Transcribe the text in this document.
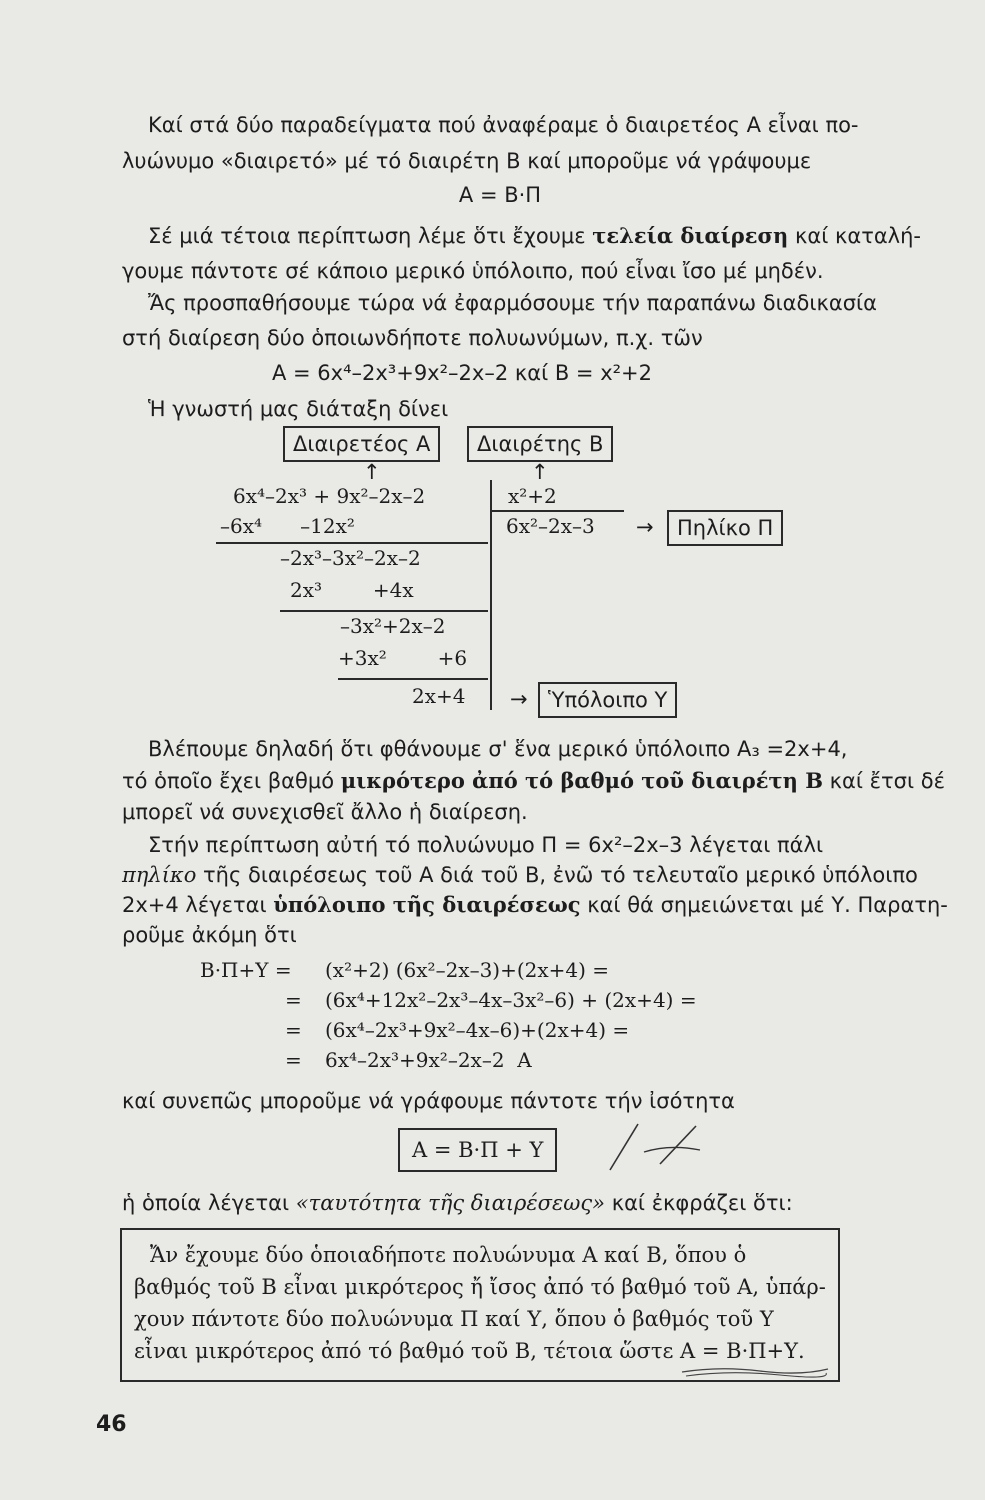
Καί στά δύο παραδείγματα πού ἀναφέραμε ὁ διαιρετέος Α εἶναι πο-
λυώνυμο «διαιρετό» μέ τό διαιρέτη Β καί μποροῦμε νά γράψουμε
A = B·Π
Σέ μιά τέτοια περίπτωση λέμε ὅτι ἔχουμε τελεία διαίρεση καί καταλή-
γουμε πάντοτε σέ κάποιο μερικό ὑπόλοιπο, πού εἶναι ἴσο μέ μηδέν.
Ἄς προσπαθήσουμε τώρα νά ἐφαρμόσουμε τήν παραπάνω διαδικασία
στή διαίρεση δύο ὁποιωνδήποτε πολυωνύμων, π.χ. τῶν
A = 6x⁴–2x³+9x²–2x–2 καί B = x²+2
Ἡ γνωστή μας διάταξη δίνει
Διαιρετέος Α	Διαιρέτης Β
↑	↑
6x⁴–2x³ + 9x²–2x–2	x²+2
–6x⁴      –12x²	6x²–2x–3 →	Πηλίκο Π
–2x³–3x²–2x–2
2x³        +4x
–3x²+2x–2
+3x²        +6
2x+4 → Ὑπόλοιπο Υ
Βλέπουμε δηλαδή ὅτι φθάνουμε σ' ἕνα μερικό ὑπόλοιπο A₃ =2x+4,
τό ὁποῖο ἔχει βαθμό μικρότερο ἀπό τό βαθμό τοῦ διαιρέτη Β καί ἔτσι δέ
μπορεῖ νά συνεχισθεῖ ἄλλο ἡ διαίρεση.
Στήν περίπτωση αὐτή τό πολυώνυμο Π = 6x²–2x–3 λέγεται πάλι
πηλίκο τῆς διαιρέσεως τοῦ Α διά τοῦ Β, ἐνῶ τό τελευταῖο μερικό ὑπόλοιπο
2x+4 λέγεται ὑπόλοιπο τῆς διαιρέσεως καί θά σημειώνεται μέ Υ. Παρατη-
ροῦμε ἀκόμη ὅτι
B·Π+Υ = (x²+2) (6x²–2x–3)+(2x+4) =
= (6x⁴+12x²–2x³–4x–3x²–6) + (2x+4) =
= (6x⁴–2x³+9x²–4x–6)+(2x+4) =
= 6x⁴–2x³+9x²–2x–2  A
καί συνεπῶς μποροῦμε νά γράφουμε πάντοτε τήν ἰσότητα
A = B·Π + Υ
ἡ ὁποία λέγεται «ταυτότητα τῆς διαιρέσεως» καί ἐκφράζει ὅτι:
Ἄν ἔχουμε δύο ὁποιαδήποτε πολυώνυμα Α καί Β, ὅπου ὁ
βαθμός τοῦ Β εἶναι μικρότερος ἤ ἴσος ἀπό τό βαθμό τοῦ Α, ὑπάρ-
χουν πάντοτε δύο πολυώνυμα Π καί Υ, ὅπου ὁ βαθμός τοῦ Υ
εἶναι μικρότερος ἀπό τό βαθμό τοῦ Β, τέτοια ὥστε A = B·Π+Υ.
46
